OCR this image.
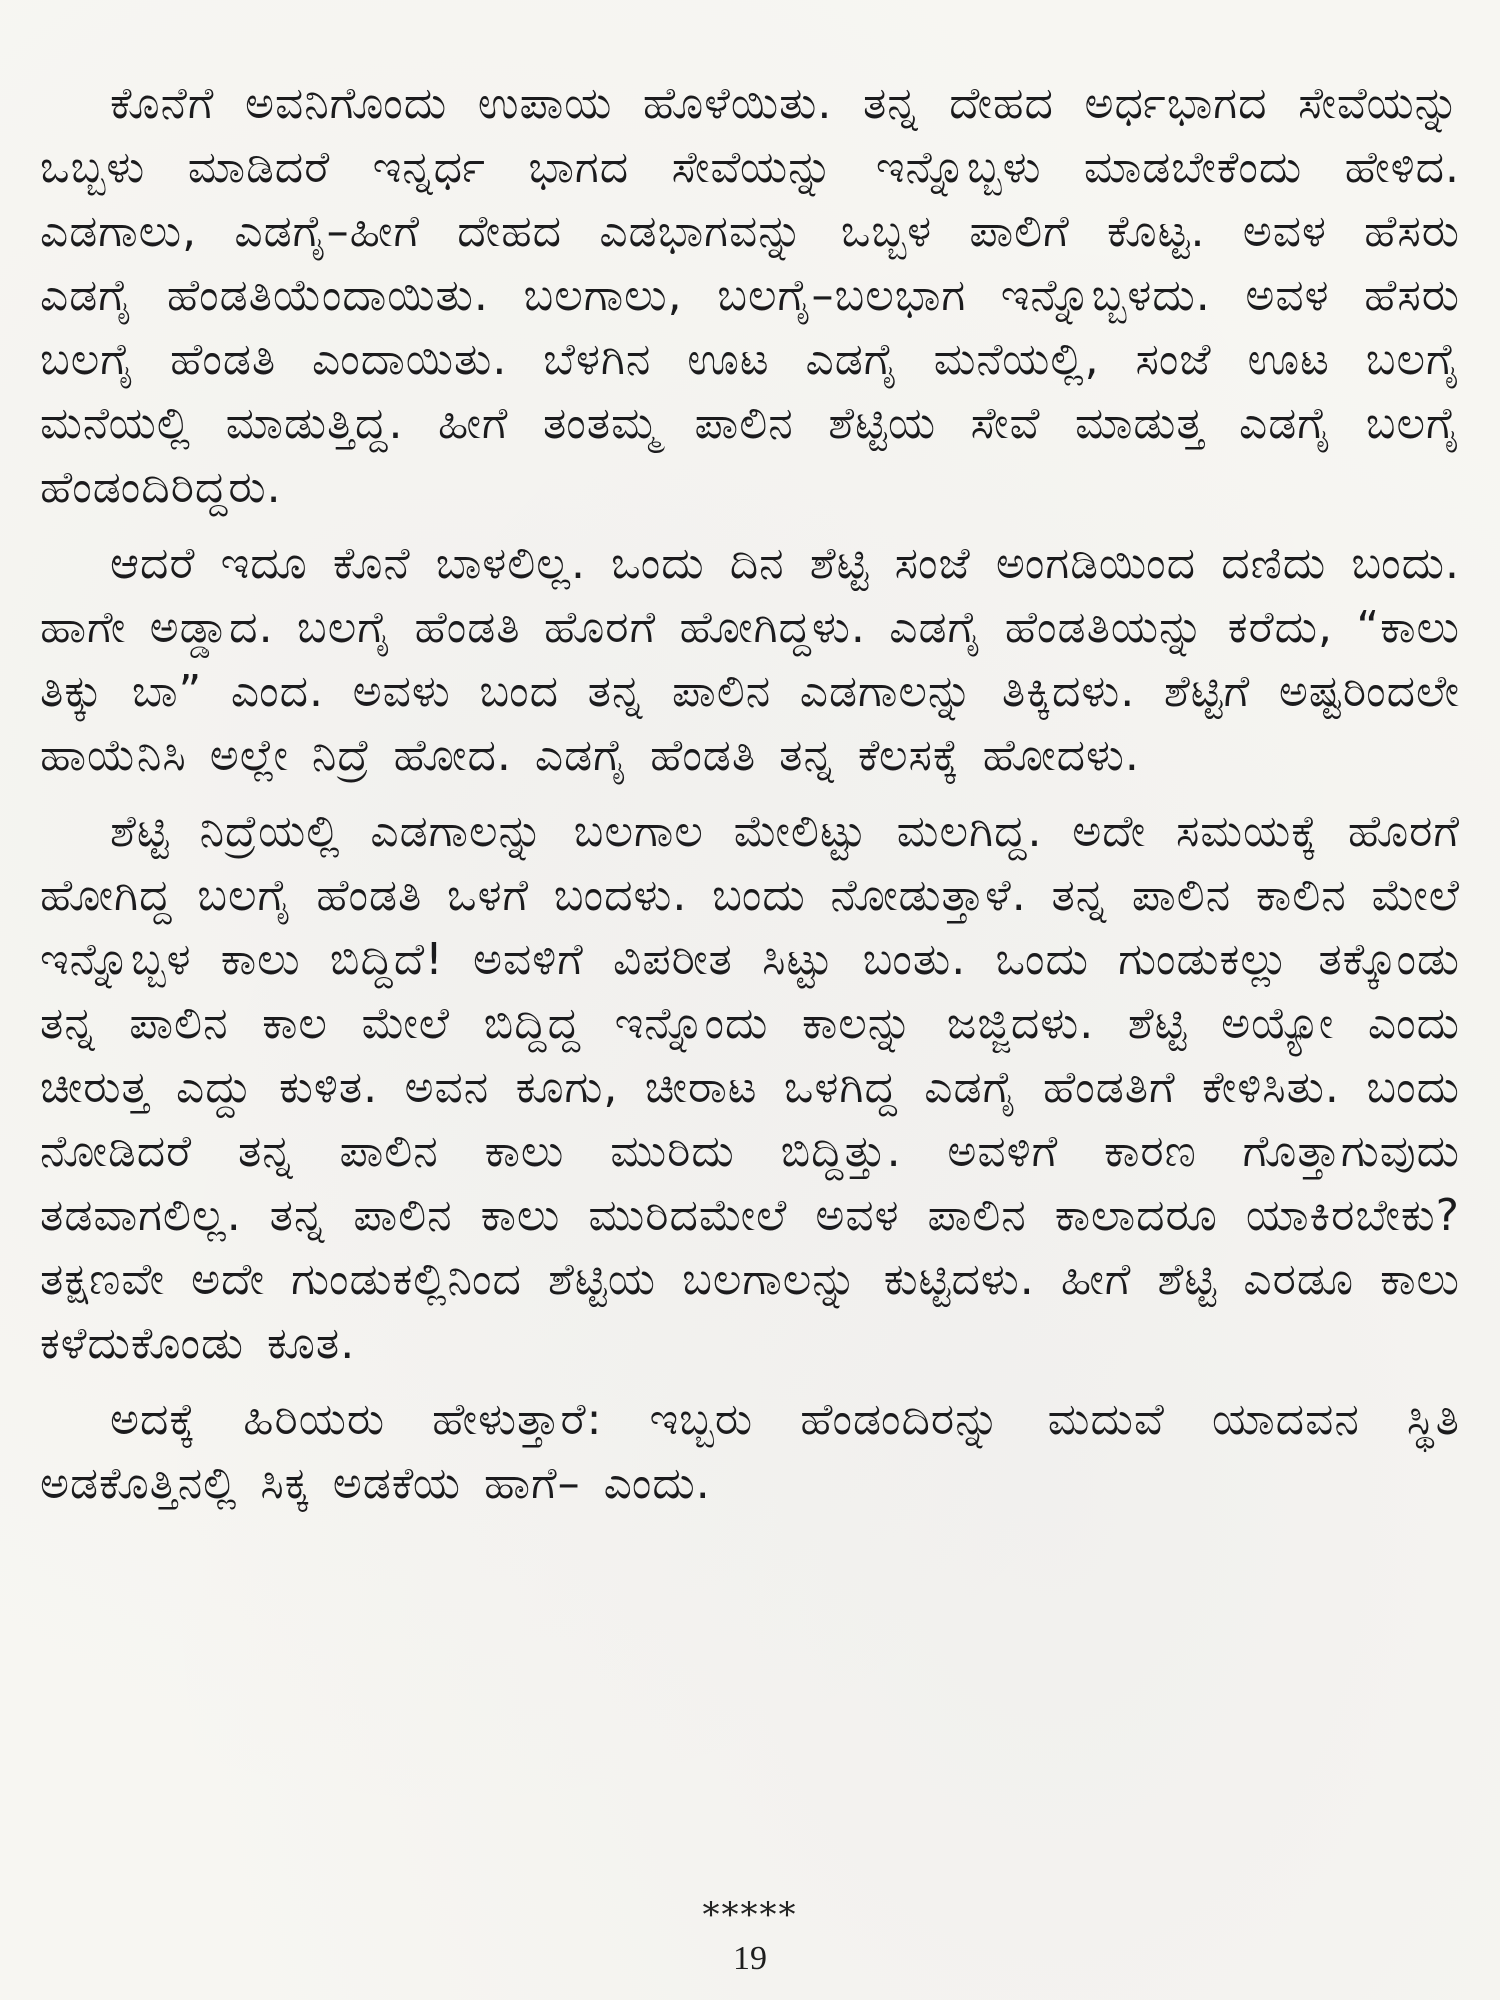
ಕೊನೆಗೆ ಅವನಿಗೊಂದು ಉಪಾಯ ಹೊಳೆಯಿತು. ತನ್ನ ದೇಹದ ಅರ್ಧಭಾಗದ ಸೇವೆಯನ್ನು ಒಬ್ಬಳು ಮಾಡಿದರೆ ಇನ್ನರ್ಧ ಭಾಗದ ಸೇವೆಯನ್ನು ಇನ್ನೊಬ್ಬಳು ಮಾಡಬೇಕೆಂದು ಹೇಳಿದ. ಎಡಗಾಲು, ಎಡಗೈ–ಹೀಗೆ ದೇಹದ ಎಡಭಾಗವನ್ನು ಒಬ್ಬಳ ಪಾಲಿಗೆ ಕೊಟ್ಟ. ಅವಳ ಹೆಸರು ಎಡಗೈ ಹೆಂಡತಿಯೆಂದಾಯಿತು. ಬಲಗಾಲು, ಬಲಗೈ–ಬಲಭಾಗ ಇನ್ನೊಬ್ಬಳದು. ಅವಳ ಹೆಸರು ಬಲಗೈ ಹೆಂಡತಿ ಎಂದಾಯಿತು. ಬೆಳಗಿನ ಊಟ ಎಡಗೈ ಮನೆಯಲ್ಲಿ, ಸಂಜೆ ಊಟ ಬಲಗೈ ಮನೆಯಲ್ಲಿ ಮಾಡುತ್ತಿದ್ದ. ಹೀಗೆ ತಂತಮ್ಮ ಪಾಲಿನ ಶೆಟ್ಟಿಯ ಸೇವೆ ಮಾಡುತ್ತ ಎಡಗೈ ಬಲಗೈ ಹೆಂಡಂದಿರಿದ್ದರು.

ಆದರೆ ಇದೂ ಕೊನೆ ಬಾಳಲಿಲ್ಲ. ಒಂದು ದಿನ ಶೆಟ್ಟಿ ಸಂಜೆ ಅಂಗಡಿಯಿಂದ ದಣಿದು ಬಂದು. ಹಾಗೇ ಅಡ್ಡಾದ. ಬಲಗೈ ಹೆಂಡತಿ ಹೊರಗೆ ಹೋಗಿದ್ದಳು. ಎಡಗೈ ಹೆಂಡತಿಯನ್ನು ಕರೆದು, “ಕಾಲು ತಿಕ್ಕು ಬಾ” ಎಂದ. ಅವಳು ಬಂದ ತನ್ನ ಪಾಲಿನ ಎಡಗಾಲನ್ನು ತಿಕ್ಕಿದಳು. ಶೆಟ್ಟಿಗೆ ಅಷ್ಟರಿಂದಲೇ ಹಾಯೆನಿಸಿ ಅಲ್ಲೇ ನಿದ್ರೆ ಹೋದ. ಎಡಗೈ ಹೆಂಡತಿ ತನ್ನ ಕೆಲಸಕ್ಕೆ ಹೋದಳು.

ಶೆಟ್ಟಿ ನಿದ್ರೆಯಲ್ಲಿ ಎಡಗಾಲನ್ನು ಬಲಗಾಲ ಮೇಲಿಟ್ಟು ಮಲಗಿದ್ದ. ಅದೇ ಸಮಯಕ್ಕೆ ಹೊರಗೆ ಹೋಗಿದ್ದ ಬಲಗೈ ಹೆಂಡತಿ ಒಳಗೆ ಬಂದಳು. ಬಂದು ನೋಡುತ್ತಾಳೆ. ತನ್ನ ಪಾಲಿನ ಕಾಲಿನ ಮೇಲೆ ಇನ್ನೊಬ್ಬಳ ಕಾಲು ಬಿದ್ದಿದೆ! ಅವಳಿಗೆ ವಿಪರೀತ ಸಿಟ್ಟು ಬಂತು. ಒಂದು ಗುಂಡುಕಲ್ಲು ತಕ್ಕೊಂಡು ತನ್ನ ಪಾಲಿನ ಕಾಲ ಮೇಲೆ ಬಿದ್ದಿದ್ದ ಇನ್ನೊಂದು ಕಾಲನ್ನು ಜಜ್ಜಿದಳು. ಶೆಟ್ಟಿ ಅಯ್ಯೋ ಎಂದು ಚೀರುತ್ತ ಎದ್ದು ಕುಳಿತ. ಅವನ ಕೂಗು, ಚೀರಾಟ ಒಳಗಿದ್ದ ಎಡಗೈ ಹೆಂಡತಿಗೆ ಕೇಳಿಸಿತು. ಬಂದು ನೋಡಿದರೆ ತನ್ನ ಪಾಲಿನ ಕಾಲು ಮುರಿದು ಬಿದ್ದಿತ್ತು. ಅವಳಿಗೆ ಕಾರಣ ಗೊತ್ತಾಗುವುದು ತಡವಾಗಲಿಲ್ಲ. ತನ್ನ ಪಾಲಿನ ಕಾಲು ಮುರಿದಮೇಲೆ ಅವಳ ಪಾಲಿನ ಕಾಲಾದರೂ ಯಾಕಿರಬೇಕು? ತಕ್ಷಣವೇ ಅದೇ ಗುಂಡುಕಲ್ಲಿನಿಂದ ಶೆಟ್ಟಿಯ ಬಲಗಾಲನ್ನು ಕುಟ್ಟಿದಳು. ಹೀಗೆ ಶೆಟ್ಟಿ ಎರಡೂ ಕಾಲು ಕಳೆದುಕೊಂಡು ಕೂತ.

ಅದಕ್ಕೆ ಹಿರಿಯರು ಹೇಳುತ್ತಾರೆ: ಇಬ್ಬರು ಹೆಂಡಂದಿರನ್ನು ಮದುವೆ ಯಾದವನ ಸ್ಥಿತಿ ಅಡಕೊತ್ತಿನಲ್ಲಿ ಸಿಕ್ಕ ಅಡಕೆಯ ಹಾಗೆ– ಎಂದು.

*****
19
